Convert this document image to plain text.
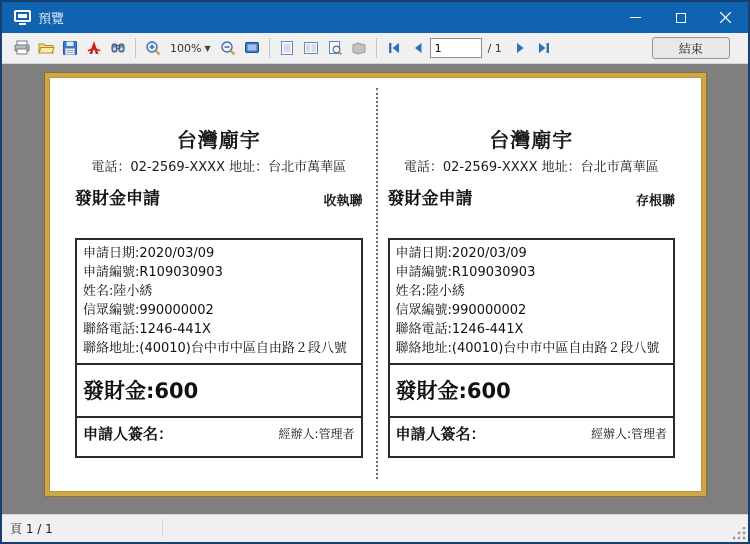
預覽
100% ▼
1	/ 1	結束
台灣廟宇
電話：02-2569-XXXX 地址：台北市萬華區
發財金申請	收執聯
申請日期:2020/03/09
申請編號:R109030903
姓名:陸小綉
信眾編號:990000002
聯絡電話:1246-441X
聯絡地址:(40010)台中市中區自由路２段八號
發財金:600
申請人簽名：	經辦人:管理者
台灣廟宇
電話：02-2569-XXXX 地址：台北市萬華區
發財金申請	存根聯
申請日期:2020/03/09
申請編號:R109030903
姓名:陸小綉
信眾編號:990000002
聯絡電話:1246-441X
聯絡地址:(40010)台中市中區自由路２段八號
發財金:600
申請人簽名：	經辦人:管理者
頁 1 / 1
